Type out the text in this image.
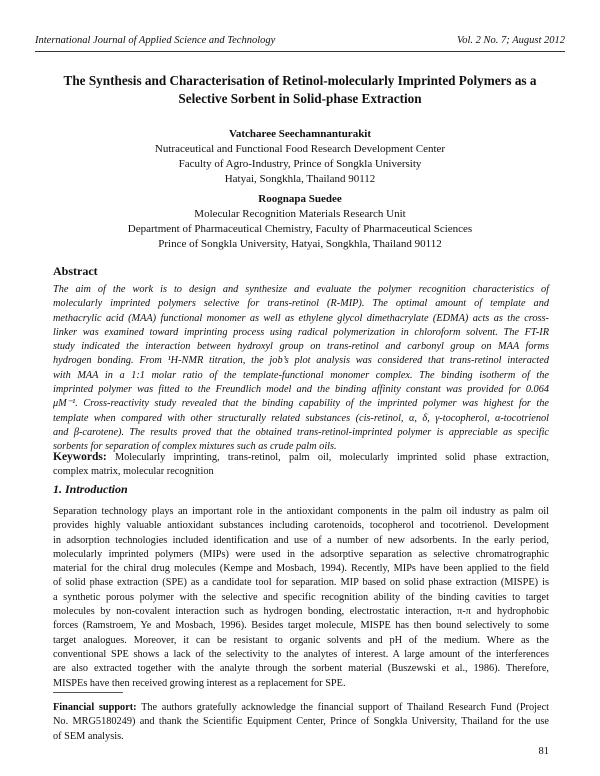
International Journal of Applied Science and Technology	Vol. 2 No. 7; August 2012
The Synthesis and Characterisation of Retinol-molecularly Imprinted Polymers as a
Selective Sorbent in Solid-phase Extraction
Vatcharee Seechamnanturakit
Nutraceutical and Functional Food Research Development Center
Faculty of Agro-Industry, Prince of Songkla University
Hatyai, Songkhla, Thailand 90112
Roognapa Suedee
Molecular Recognition Materials Research Unit
Department of Pharmaceutical Chemistry, Faculty of Pharmaceutical Sciences
Prince of Songkla University, Hatyai, Songkhla, Thailand 90112
Abstract
The aim of the work is to design and synthesize and evaluate the polymer recognition characteristics of
molecularly imprinted polymers selective for trans-retinol (R-MIP). The optimal amount of template and
methacrylic acid (MAA) functional monomer as well as ethylene glycol dimethacrylate (EDMA) acts as the cross-
linker was examined toward imprinting process using radical polymerization in chloroform solvent. The FT-IR
study indicated the interaction between hydroxyl group on trans-retinol and carbonyl group on MAA forms
hydrogen bonding. From ¹H-NMR titration, the job’s plot analysis was considered that trans-retinol interacted
with MAA in a 1:1 molar ratio of the template-functional monomer complex. The binding isotherm of the
imprinted polymer was fitted to the Freundlich model and the binding affinity constant was provided for 0.064
μM⁻¹. Cross-reactivity study revealed that the binding capability of the imprinted polymer was highest for the
template when compared with other structurally related substances (cis-retinol, α, δ, γ-tocopherol, α-tocotrienol
and β-carotene). The results proved that the obtained trans-retinol-imprinted polymer is appreciable as specific
sorbents for separation of complex mixtures such as crude palm oils.
Keywords: Molecularly imprinting, trans-retinol, palm oil, molecularly imprinted solid phase extraction,
complex matrix, molecular recognition
1. Introduction
Separation technology plays an important role in the antioxidant components in the palm oil industry as palm oil
provides highly valuable antioxidant substances including carotenoids, tocopherol and tocotrienol. Development
in adsorption technologies included identification and use of a number of new adsorbents. In the early period,
molecularly imprinted polymers (MIPs) were used in the adsorptive separation as selective chromatrographic
material for the chiral drug molecules (Kempe and Mosbach, 1994). Recently, MIPs have been applied to the field
of solid phase extraction (SPE) as a candidate tool for separation. MIP based on solid phase extraction (MISPE) is
a synthetic porous polymer with the selective and specific recognition ability of the binding cavities to target
molecules by non-covalent interaction such as hydrogen bonding, electrostatic interaction, π-π and hydrophobic
forces (Ramstroem, Ye and Mosbach, 1996). Besides target molecule, MISPE has then bound selectively to some
target analogues. Moreover, it can be resistant to organic solvents and pH of the medium. Where as the
conventional SPE shows a lack of the selectivity to the analytes of interest. A large amount of the interferences
are also extracted together with the analyte through the sorbent material (Buszewski et al., 1986). Therefore,
MISPEs have then received growing interest as a replacement for SPE.
Financial support: The authors gratefully acknowledge the financial support of Thailand Research Fund (Project
No. MRG5180249) and thank the Scientific Equipment Center, Prince of Songkla University, Thailand for the use
of SEM analysis.
81
